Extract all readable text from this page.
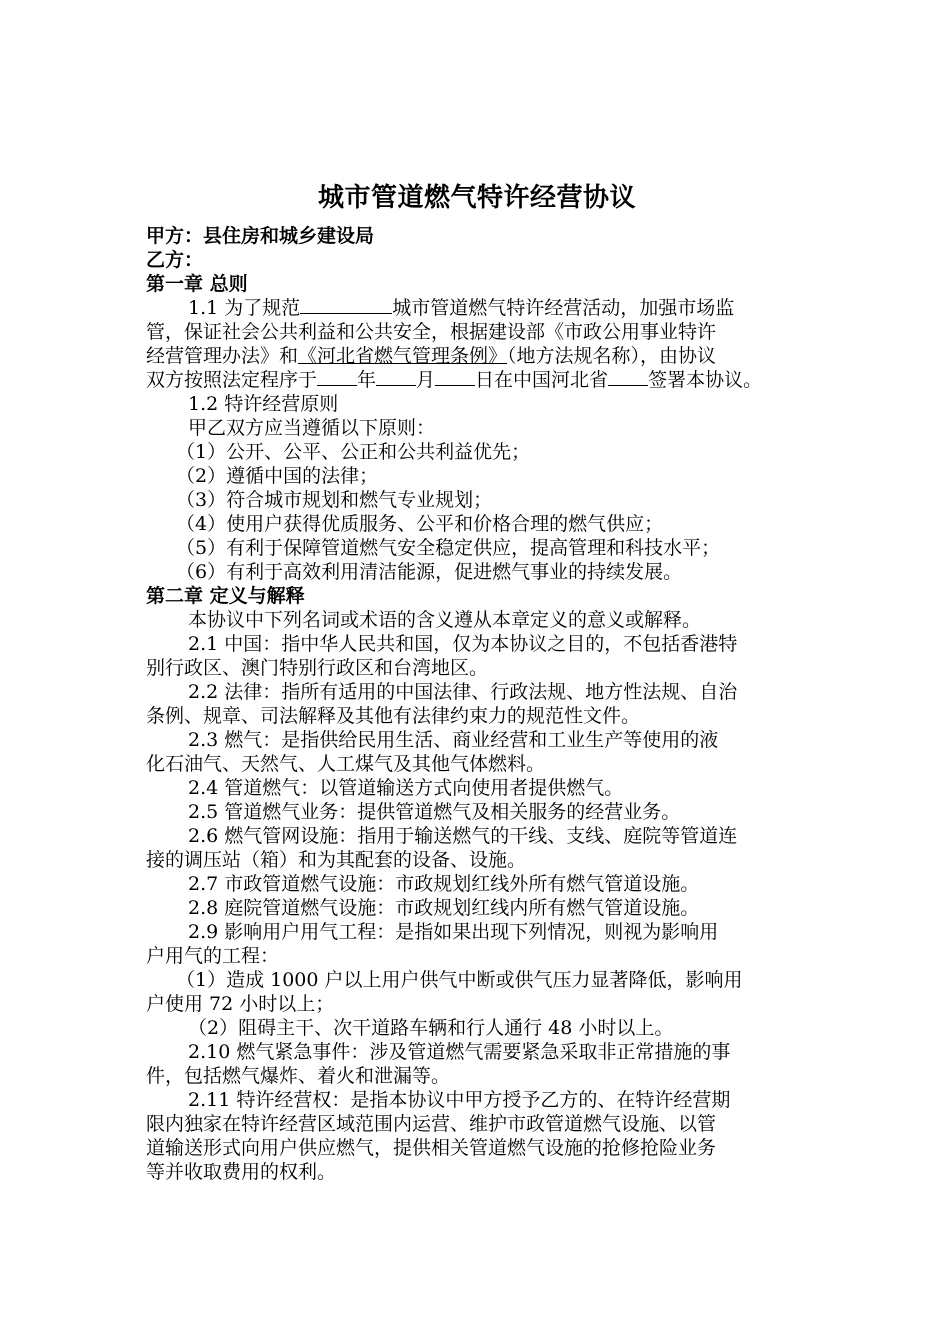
城市管道燃气特许经营协议
甲方：县住房和城乡建设局
乙方：
第一章 总则
1.1 为了规范	城市管道燃气特许经营活动，加强市场监
管，保证社会公共利益和公共安全，根据建设部《市政公用事业特许
经营管理办法》和《河北省燃气管理条例》（地方法规名称），由协议
双方按照法定程序于 年 月 日在中国河北省 签署本协议。
1.2 特许经营原则
甲乙双方应当遵循以下原则：
（1）公开、公平、公正和公共利益优先；
（2）遵循中国的法律；
（3）符合城市规划和燃气专业规划；
（4）使用户获得优质服务、公平和价格合理的燃气供应；
（5）有利于保障管道燃气安全稳定供应，提高管理和科技水平；
（6）有利于高效利用清洁能源，促进燃气事业的持续发展。
第二章 定义与解释
本协议中下列名词或术语的含义遵从本章定义的意义或解释。
2.1 中国：指中华人民共和国，仅为本协议之目的，不包括香港特
别行政区、澳门特别行政区和台湾地区。
2.2 法律：指所有适用的中国法律、行政法规、地方性法规、自治
条例、规章、司法解释及其他有法律约束力的规范性文件。
2.3 燃气：是指供给民用生活、商业经营和工业生产等使用的液
化石油气、天然气、人工煤气及其他气体燃料。
2.4 管道燃气：以管道输送方式向使用者提供燃气。
2.5 管道燃气业务：提供管道燃气及相关服务的经营业务。
2.6 燃气管网设施：指用于输送燃气的干线、支线、庭院等管道连
接的调压站（箱）和为其配套的设备、设施。
2.7 市政管道燃气设施：市政规划红线外所有燃气管道设施。
2.8 庭院管道燃气设施：市政规划红线内所有燃气管道设施。
2.9 影响用户用气工程：是指如果出现下列情况，则视为影响用
户用气的工程：
（1）造成 1000 户以上用户供气中断或供气压力显著降低，影响用
户使用 72 小时以上；
（2）阻碍主干、次干道路车辆和行人通行 48 小时以上。
2.10 燃气紧急事件：涉及管道燃气需要紧急采取非正常措施的事
件，包括燃气爆炸、着火和泄漏等。
2.11 特许经营权：是指本协议中甲方授予乙方的、在特许经营期
限内独家在特许经营区域范围内运营、维护市政管道燃气设施、以管
道输送形式向用户供应燃气，提供相关管道燃气设施的抢修抢险业务
等并收取费用的权利。
